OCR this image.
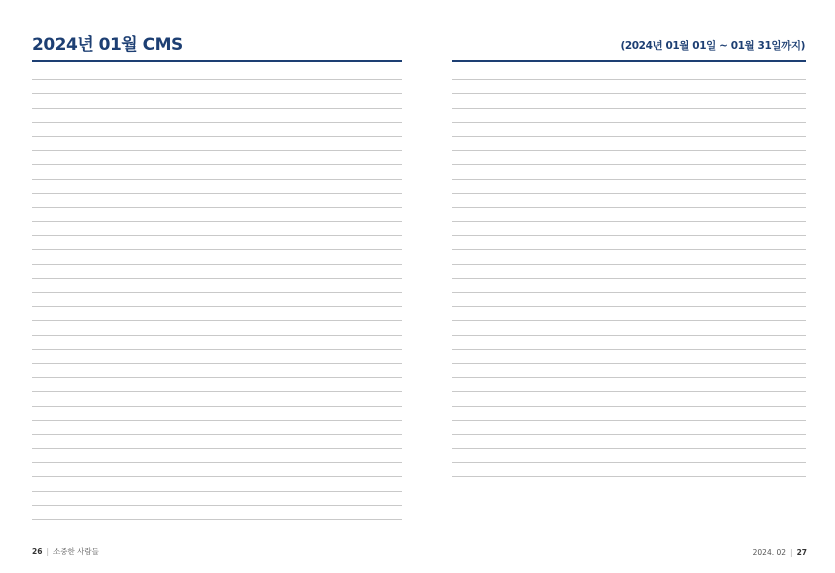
2024년 01월 CMS	(2024년 01월 01일 ~ 01월 31일까지)
26 | 소중한 사람들	2024. 02 | 27
